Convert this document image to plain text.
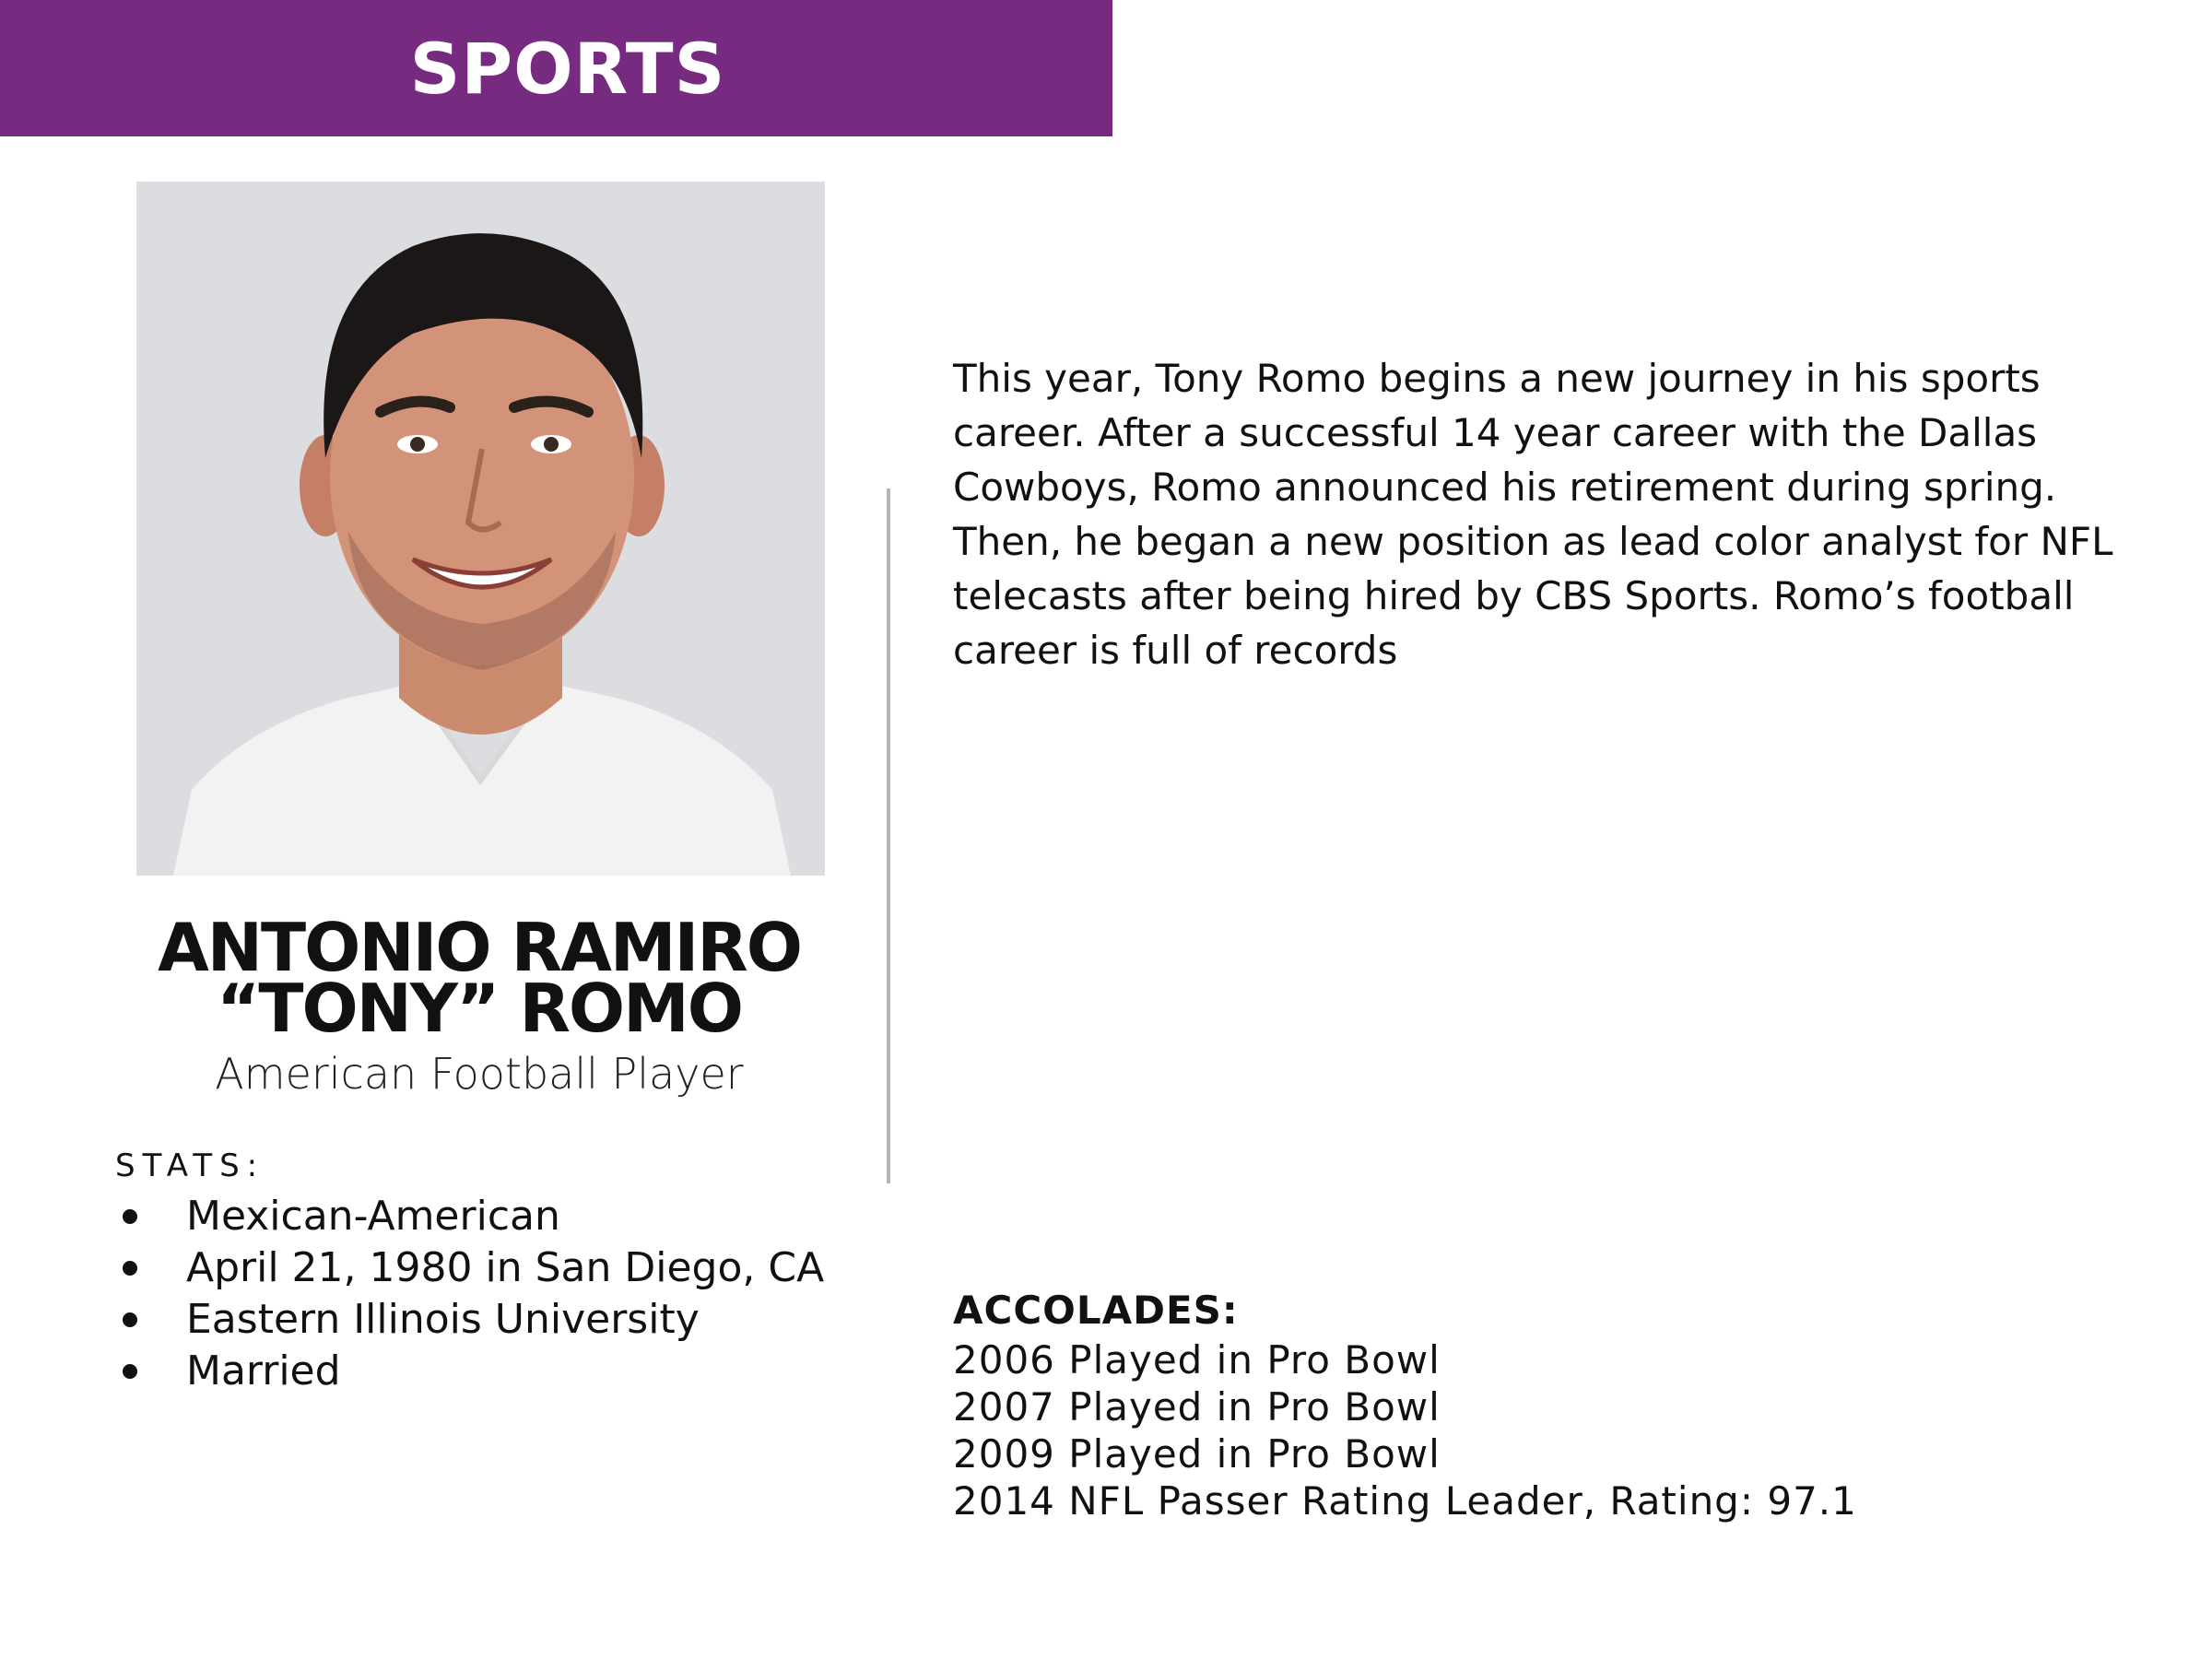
SPORTS
ANTONIO RAMIRO
“TONY” ROMO
American Football Player
STATS:
Mexican-American
April 21, 1980 in San Diego, CA
Eastern Illinois University
Married

This year, Tony Romo begins a new journey in his sports career. After a successful 14 year career with the Dallas Cowboys, Romo announced his retirement during spring. Then, he began a new position as lead color analyst for NFL telecasts after being hired by CBS Sports. Romo’s football career is full of records

ACCOLADES:
2006 Played in Pro Bowl
2007 Played in Pro Bowl
2009 Played in Pro Bowl
2014 NFL Passer Rating Leader, Rating: 97.1
